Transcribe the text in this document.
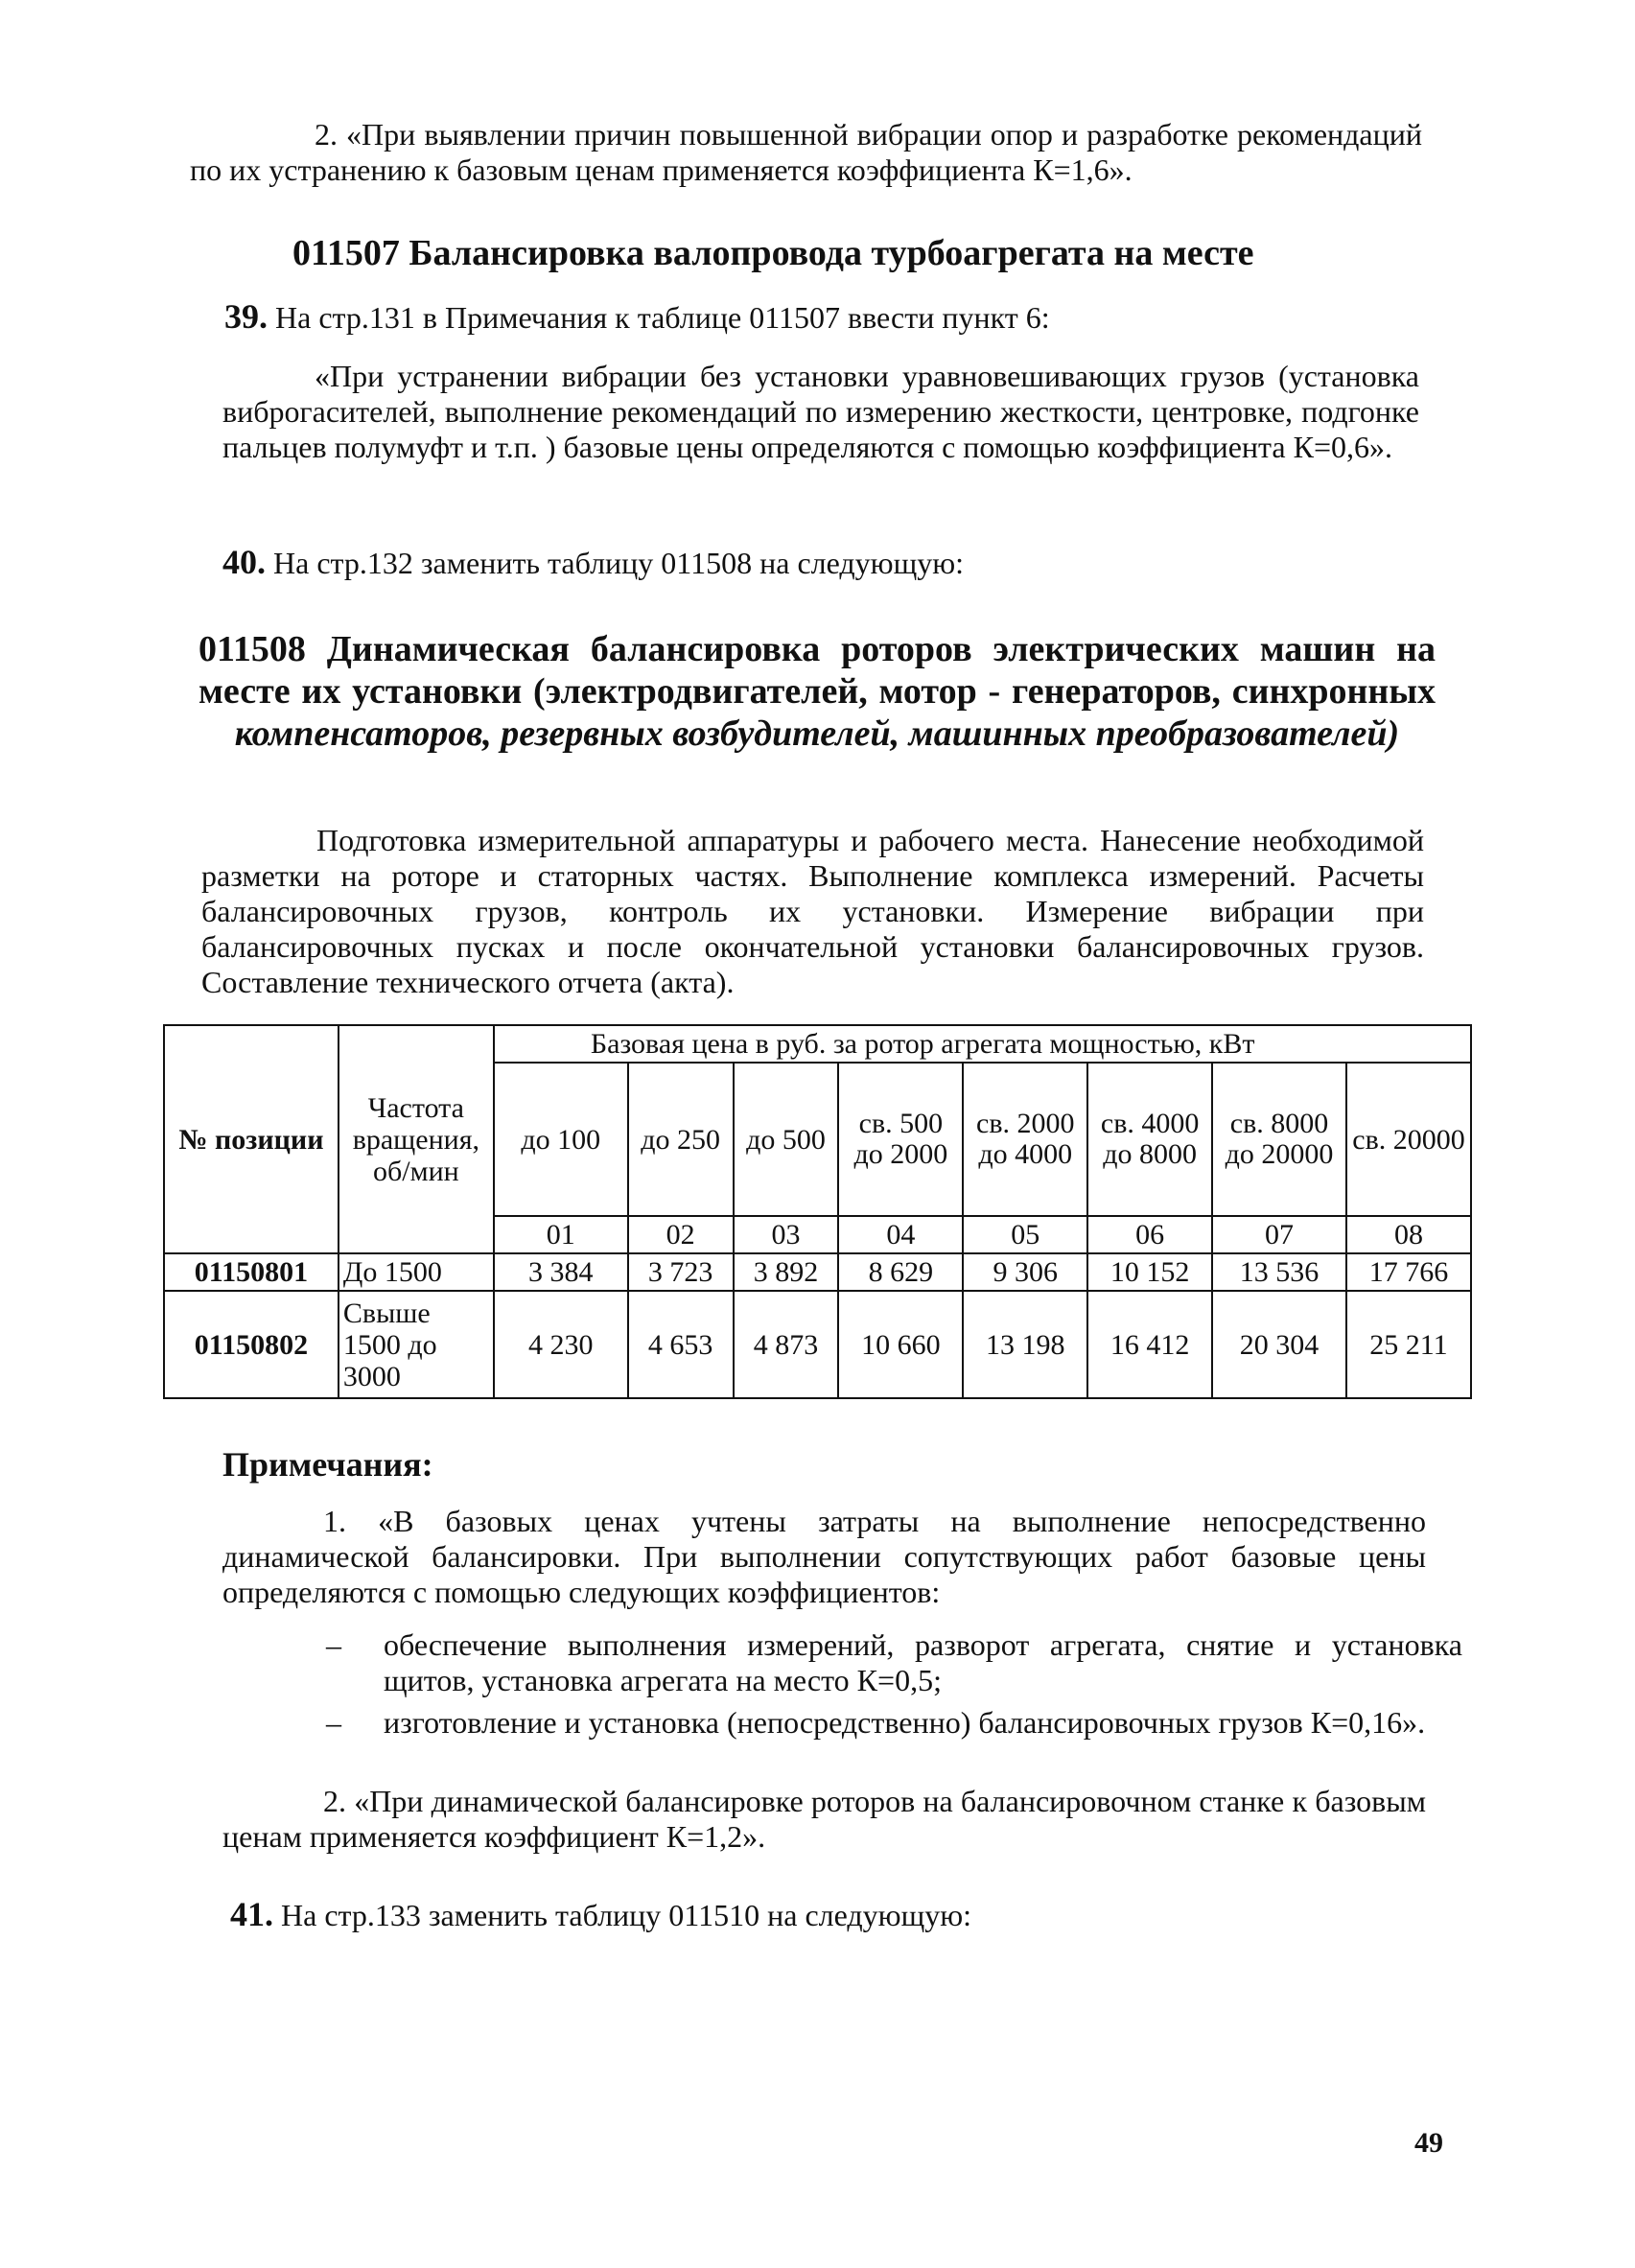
2. «При выявлении причин повышенной вибрации опор и разработке рекомендаций по их устранению к базовым ценам применяется коэффициента К=1,6».

011507 Балансировка валопровода турбоагрегата на месте

39. На стр.131 в Примечания к таблице 011507 ввести пункт 6:

«При устранении вибрации без установки уравновешивающих грузов (установка виброгасителей, выполнение рекомендаций по измерению жесткости, центровке, подгонке пальцев полумуфт и т.п. ) базовые цены определяются с помощью коэффициента К=0,6».

40. На стр.132 заменить таблицу 011508 на следующую:

011508 Динамическая балансировка роторов электрических машин на месте их установки (электродвигателей, мотор - генераторов, синхронных компенсаторов, резервных возбудителей, машинных преобразователей)

Подготовка измерительной аппаратуры и рабочего места. Нанесение необходимой разметки на роторе и статорных частях. Выполнение комплекса измерений. Расчеты балансировочных грузов, контроль их установки. Измерение вибрации при балансировочных пусках и после окончательной установки балансировочных грузов. Составление технического отчета (акта).

№ позиции	Частота вращения, об/мин	Базовая цена в руб. за ротор агрегата мощностью, кВт							
		до 100	до 250	до 500	св. 500 до 2000	св. 2000 до 4000	св. 4000 до 8000	св. 8000 до 20000	св. 20000
		01	02	03	04	05	06	07	08
01150801	До 1500	3 384	3 723	3 892	8 629	9 306	10 152	13 536	17 766
01150802	Свыше 1500 до 3000	4 230	4 653	4 873	10 660	13 198	16 412	20 304	25 211

Примечания:

1. «В базовых ценах учтены затраты на выполнение непосредственно динамической балансировки. При выполнении сопутствующих работ базовые цены определяются с помощью следующих коэффициентов:

– обеспечение выполнения измерений, разворот агрегата, снятие и установка щитов, установка агрегата на место К=0,5;

– изготовление и установка (непосредственно) балансировочных грузов К=0,16».

2. «При динамической балансировке роторов на балансировочном станке к базовым ценам применяется коэффициент К=1,2».

41. На стр.133 заменить таблицу 011510 на следующую:
49
